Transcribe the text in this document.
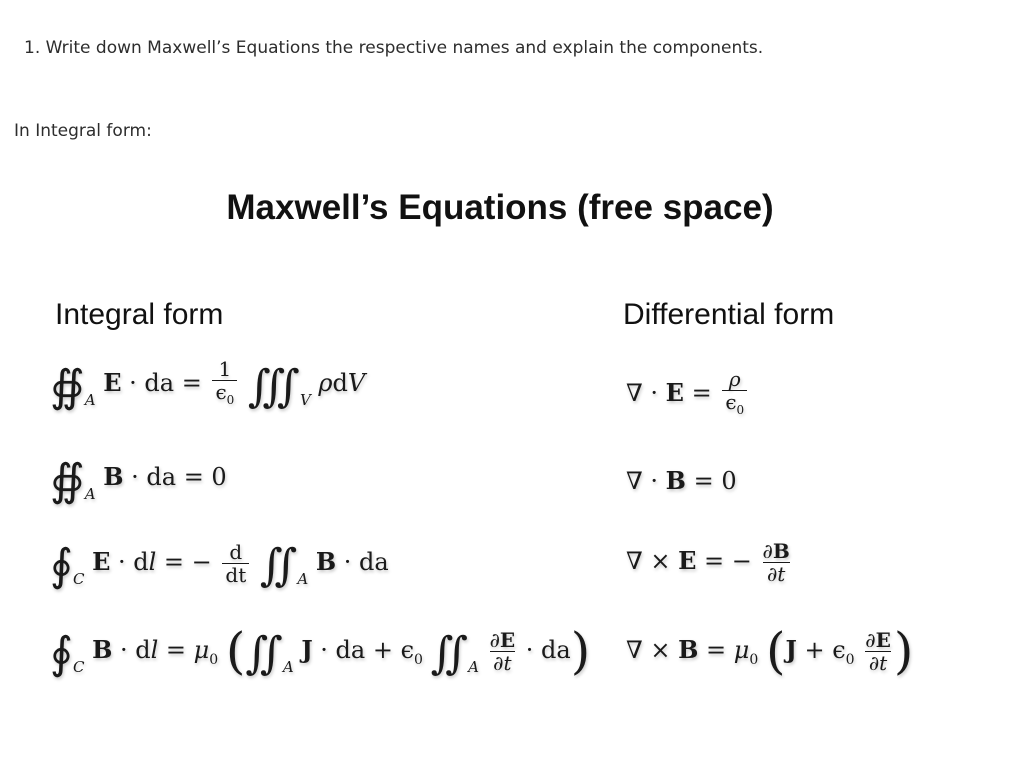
1. Write down Maxwell’s Equations the respective names and explain the components.
In Integral form:
Maxwell’s Equations (free space)
Integral form	Differential form
$∯_A$ E · da = $\frac{1}{\epsilon_0}$ $∭_V$ ρdV
$∯_A$ B · da = 0
$∮_C$ E · dl = − $\frac{d}{dt}$ $∬_A$ B · da
$∮_C$ B · dl = $\mu_0$ ($∬_A$ J · da + $\epsilon_0$ $∬_A \frac{\partial E}{\partial t} \cdot da$)
∇ · $E = \frac{\rho}{\epsilon_0}$
∇ · B = 0
∇ × E = − $\frac{\partial B}{\partial t}$
∇ × $B = \mu_0$ ($J + \epsilon_0 \frac{\partial E}{\partial t}$ )
